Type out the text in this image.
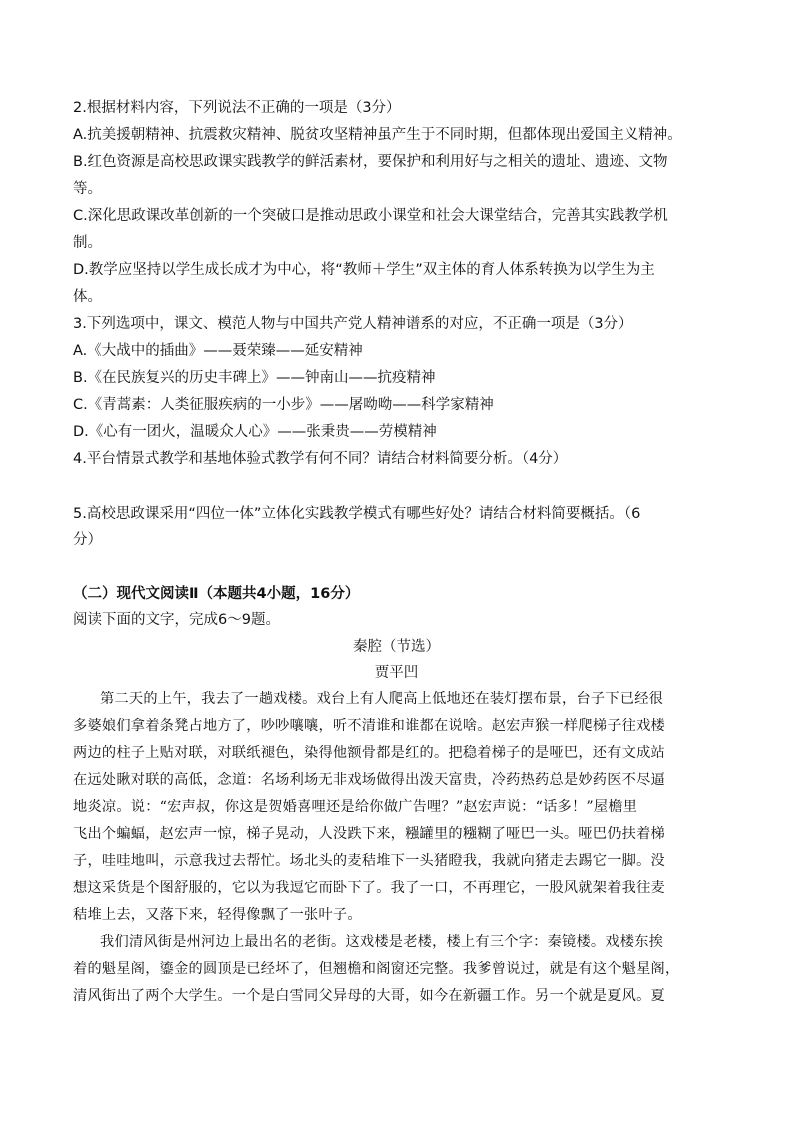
2.根据材料内容，下列说法不正确的一项是（3分）
A.抗美援朝精神、抗震救灾精神、脱贫攻坚精神虽产生于不同时期，但都体现出爱国主义精神。
B.红色资源是高校思政课实践教学的鲜活素材，要保护和利用好与之相关的遗址、遗迹、文物
等。
C.深化思政课改革创新的一个突破口是推动思政小课堂和社会大课堂结合，完善其实践教学机
制。
D.教学应坚持以学生成长成才为中心，将“教师＋学生”双主体的育人体系转换为以学生为主
体。
3.下列选项中，课文、模范人物与中国共产党人精神谱系的对应，不正确一项是（3分）
A.《大战中的插曲》——聂荣臻——延安精神
B.《在民族复兴的历史丰碑上》——钟南山——抗疫精神
C.《青蒿素：人类征服疾病的一小步》——屠呦呦——科学家精神
D.《心有一团火，温暖众人心》——张秉贵——劳模精神
4.平台情景式教学和基地体验式教学有何不同？请结合材料简要分析。（4分）
5.高校思政课采用“四位一体”立体化实践教学模式有哪些好处？请结合材料简要概括。（6
分）
（二）现代文阅读Ⅱ（本题共4小题，16分）
阅读下面的文字，完成6～9题。
秦腔（节选）
贾平凹
第二天的上午，我去了一趟戏楼。戏台上有人爬高上低地还在装灯摆布景，台子下已经很
多婆娘们拿着条凳占地方了，吵吵嚷嚷，听不清谁和谁都在说啥。赵宏声猴一样爬梯子往戏楼
两边的柱子上贴对联，对联纸褪色，染得他额骨都是红的。把稳着梯子的是哑巴，还有文成站
在远处瞅对联的高低，念道：名场利场无非戏场做得出泼天富贵，冷药热药总是妙药医不尽逼
地炎凉。说：“宏声叔，你这是贺婚喜哩还是给你做广告哩？”赵宏声说：“话多！”屋檐里
飞出个蝙蝠，赵宏声一惊，梯子晃动，人没跌下来，糨罐里的糨糊了哑巴一头。哑巴仍扶着梯
子，哇哇地叫，示意我过去帮忙。场北头的麦秸堆下一头猪瞪我，我就向猪走去踢它一脚。没
想这采货是个图舒服的，它以为我逗它而卧下了。我了一口，不再理它，一股风就架着我往麦
秸堆上去，又落下来，轻得像飘了一张叶子。
我们清风街是州河边上最出名的老街。这戏楼是老楼，楼上有三个字：秦镜楼。戏楼东挨
着的魁星阁，鎏金的圆顶是已经坏了，但翘檐和阁窗还完整。我爹曾说过，就是有这个魁星阁，
清风街出了两个大学生。一个是白雪同父异母的大哥，如今在新疆工作。另一个就是夏风。夏
